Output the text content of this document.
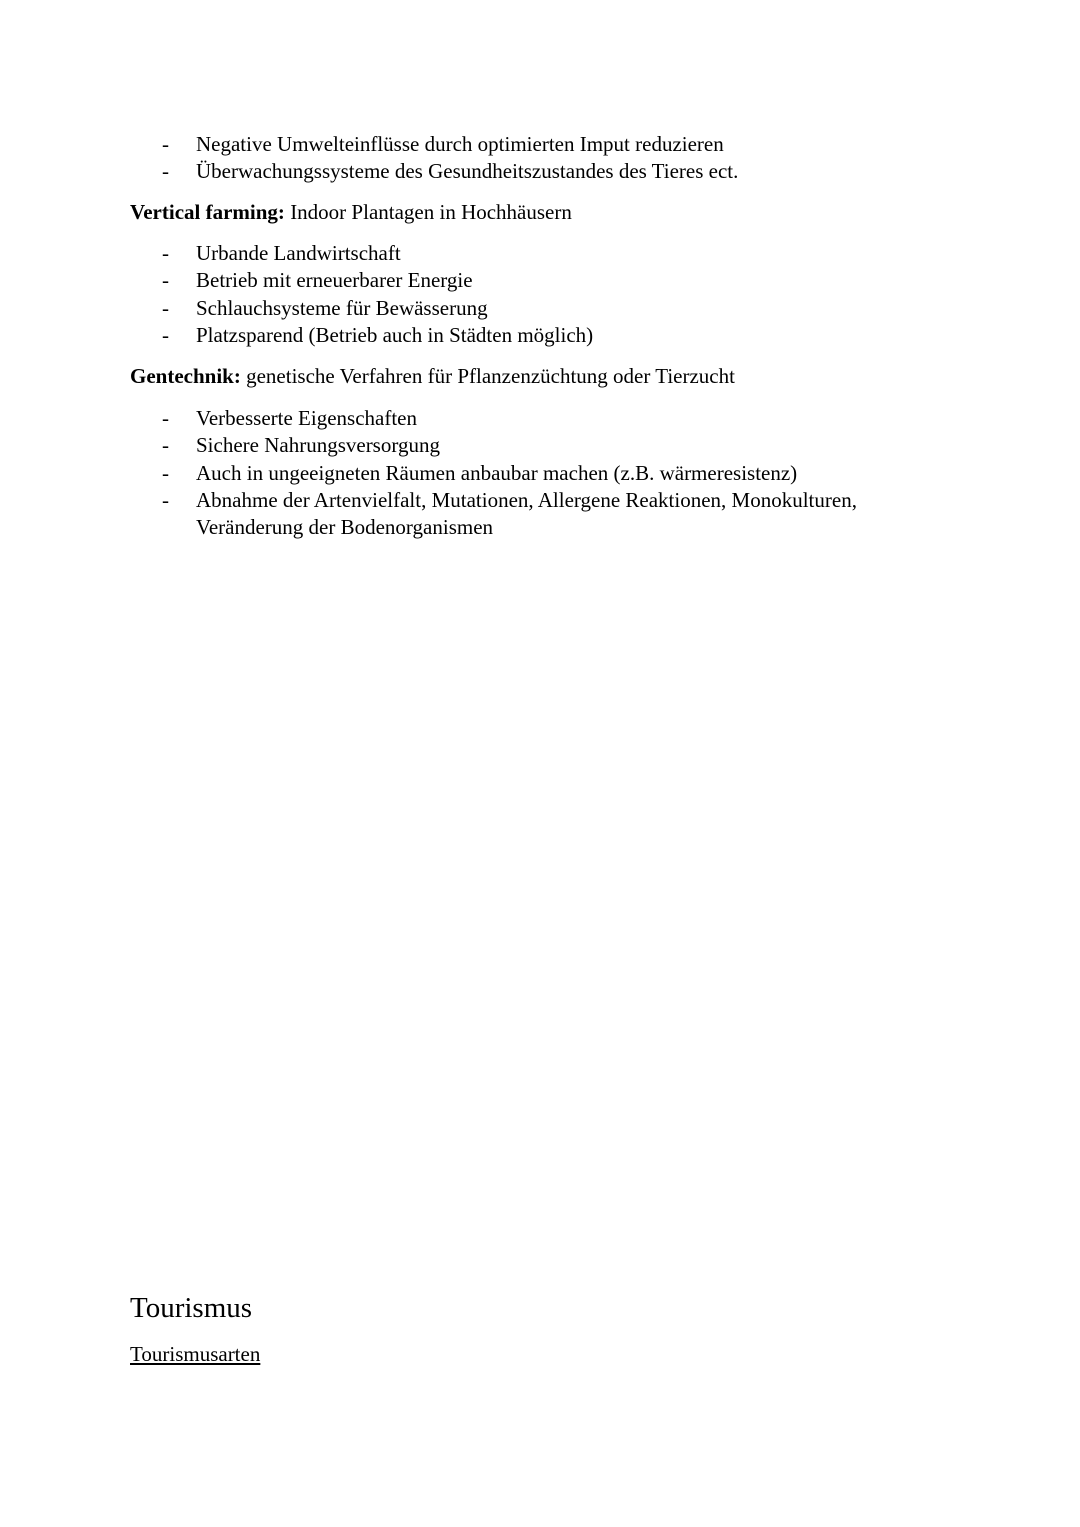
- Negative Umwelteinflüsse durch optimierten Imput reduzieren
- Überwachungssysteme des Gesundheitszustandes des Tieres ect.
Vertical farming: Indoor Plantagen in Hochhäusern
- Urbande Landwirtschaft
- Betrieb mit erneuerbarer Energie
- Schlauchsysteme für Bewässerung
- Platzsparend (Betrieb auch in Städten möglich)
Gentechnik: genetische Verfahren für Pflanzenzüchtung oder Tierzucht
- Verbesserte Eigenschaften
- Sichere Nahrungsversorgung
- Auch in ungeeigneten Räumen anbaubar machen (z.B. wärmeresistenz)
- Abnahme der Artenvielfalt, Mutationen, Allergene Reaktionen, Monokulturen, Veränderung der Bodenorganismen
Tourismus
Tourismusarten
